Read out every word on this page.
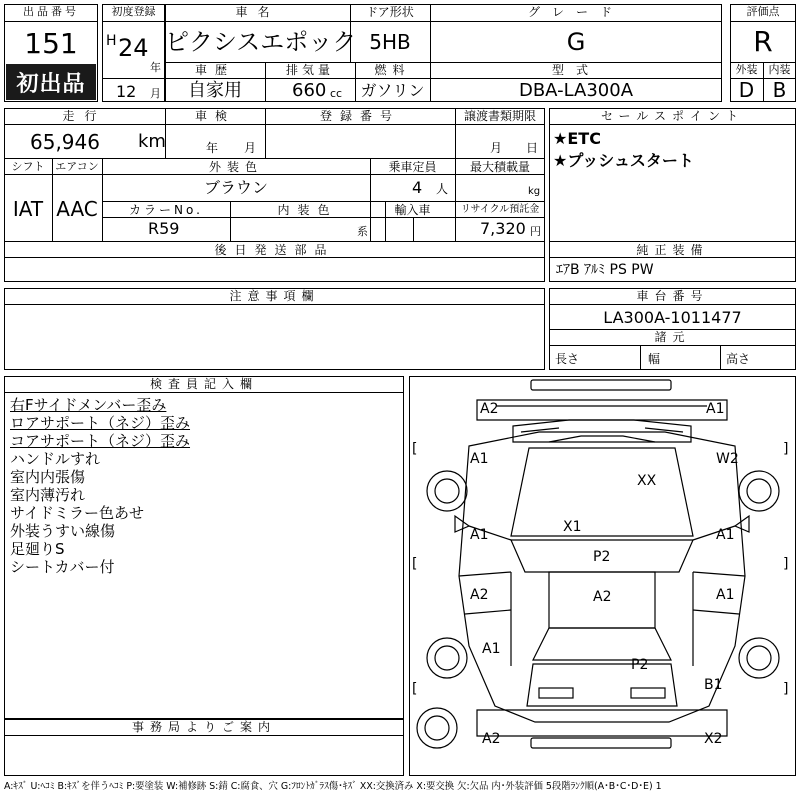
出品番号
151
初出品
初度登録
H 24
年
12 月
車名
ピクシスエポック
ドア形状
5HB
グレード
G
車歴
自家用
排気量
660 cc
燃料
ガソリン
型式
DBA-LA300A
評価点
R
外装	内装
D B
走行
65,946 km
車検
年 月
登録番号	譲渡書類期限
月 日
シフト
IAT
エアコン
AAC
外装色
ブラウン
乗車定員
4 人
最大積載量
kg
カラーNo.
R59
内装色
系
輸入車	リサイクル預託金
7,320 円
後日発送部品
セールスポイント
★ETC
★プッシュスタート
純正装備
ｴｱB ｱﾙﾐ PS PW
注意事項欄	車台番号
LA300A-1011477
諸元
長さ	幅	高さ
検査員記入欄
右Fサイドメンバー歪み
ロアサポート（ネジ）歪み
コアサポート（ネジ）歪み
ハンドルすれ
室内内張傷
室内薄汚れ
サイドミラー色あせ
外装うすい線傷
足廻りS
シートカバー付
事務局よりご案内
[	]
[	]
[	]
A2	A1
A1	W2
XX
X1
A1	A1
P2
A2	A1
A2
A1
P2
B1
A2	X2
A:ｷｽﾞ U:ﾍｺﾐ B:ｷｽﾞを伴うﾍｺﾐ P:要塗装 W:補修跡 S:錆 C:腐食、穴 G:ﾌﾛﾝﾄｶﾞﾗｽ傷･ｷｽﾞ XX:交換済み X:要交換 欠:欠品 内･外装評価 5段階ﾗﾝｸ順(A･B･C･D･E) 1
